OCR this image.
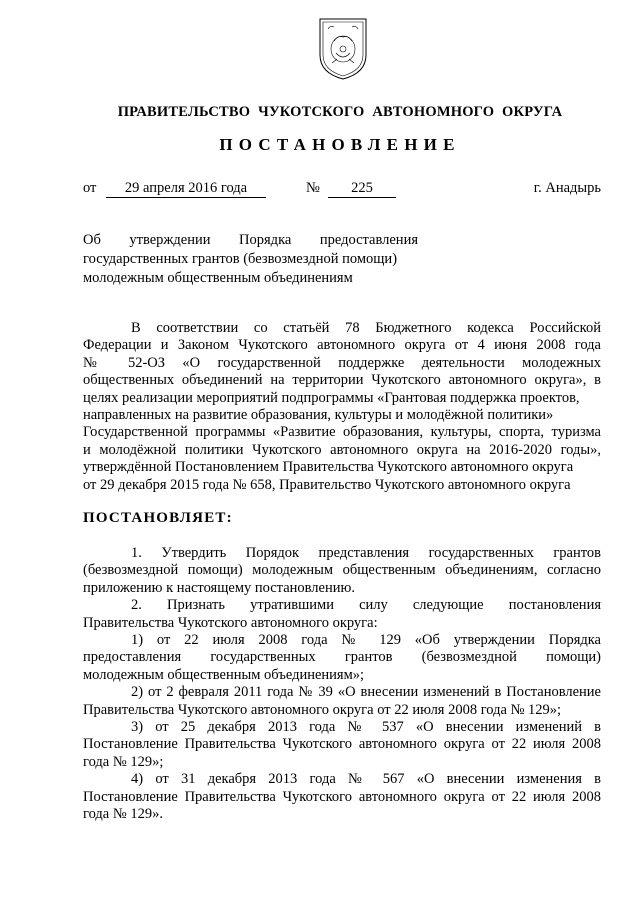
ПРАВИТЕЛЬСТВО ЧУКОТСКОГО АВТОНОМНОГО ОКРУГА
ПОСТАНОВЛЕНИЕ
от	29 апреля 2016 года	№	225	г. Анадырь
Об утверждении Порядка предоставления
государственных грантов (безвозмездной помощи)
молодежным общественным объединениям
В соответствии со статьёй 78 Бюджетного кодекса Российской
Федерации и Законом Чукотского автономного округа от 4 июня 2008 года
№ 52-ОЗ «О государственной поддержке деятельности молодежных
общественных объединений на территории Чукотского автономного округа», в
целях реализации мероприятий подпрограммы «Грантовая поддержка проектов,
направленных на развитие образования, культуры и молодёжной политики»
Государственной программы «Развитие образования, культуры, спорта, туризма
и молодёжной политики Чукотского автономного округа на 2016-2020 годы»,
утверждённой Постановлением Правительства Чукотского автономного округа
от 29 декабря 2015 года № 658, Правительство Чукотского автономного округа
ПОСТАНОВЛЯЕТ:
1. Утвердить Порядок представления государственных грантов
(безвозмездной помощи) молодежным общественным объединениям, согласно
приложению к настоящему постановлению.
2. Признать утратившими силу следующие постановления
Правительства Чукотского автономного округа:
1) от 22 июля 2008 года № 129 «Об утверждении Порядка
предоставления государственных грантов (безвозмездной помощи)
молодежным общественным объединениям»;
2) от 2 февраля 2011 года № 39 «О внесении изменений в Постановление
Правительства Чукотского автономного округа от 22 июля 2008 года № 129»;
3) от 25 декабря 2013 года № 537 «О внесении изменений в
Постановление Правительства Чукотского автономного округа от 22 июля 2008
года № 129»;
4) от 31 декабря 2013 года № 567 «О внесении изменения в
Постановление Правительства Чукотского автономного округа от 22 июля 2008
года № 129».
